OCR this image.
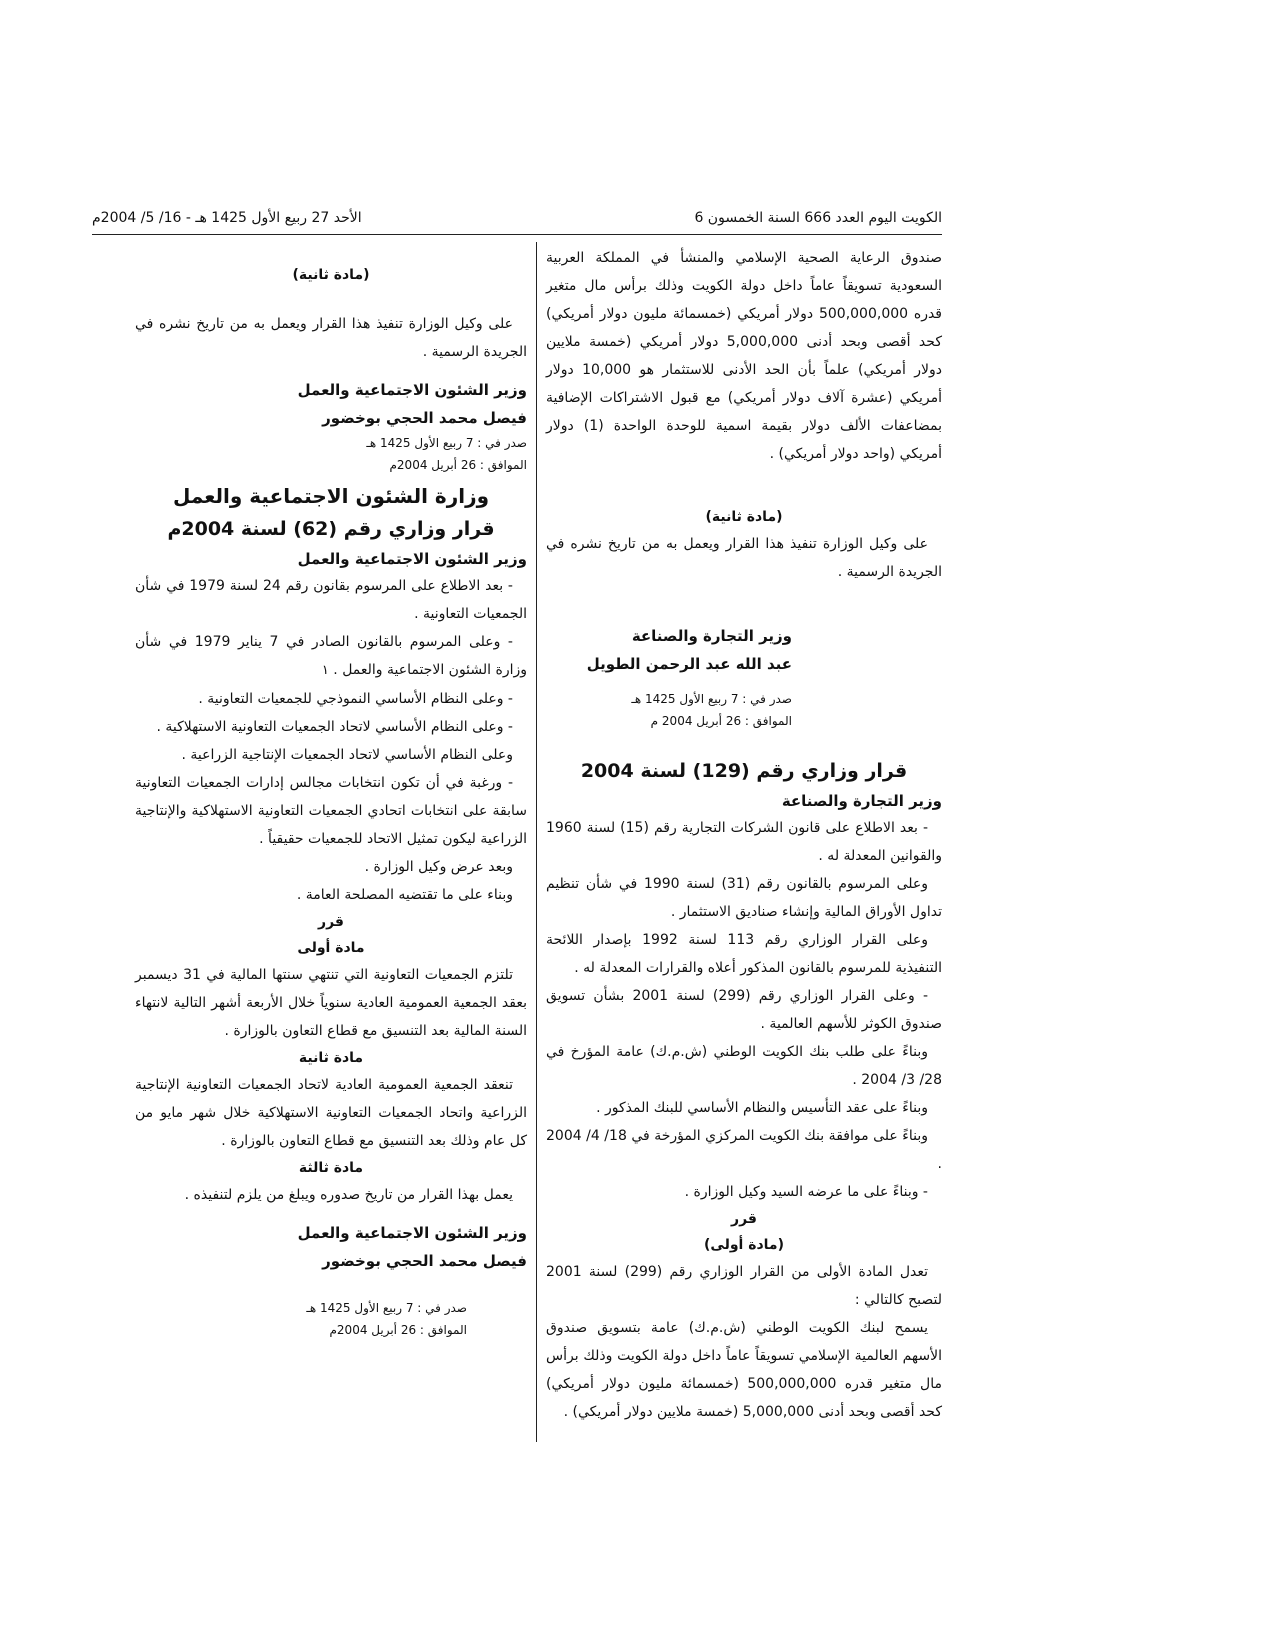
الكويت اليوم العدد 666 السنة الخمسون 6
الأحد 27 ربيع الأول 1425 هـ - 16/ 5/ 2004م

صندوق الرعاية الصحية الإسلامي والمنشأ في المملكة العربية السعودية تسويقاً عاماً داخل دولة الكويت وذلك برأس مال متغير قدره 500,000,000 دولار أمريكي (خمسمائة مليون دولار أمريكي) كحد أقصى وبحد أدنى 5,000,000 دولار أمريكي (خمسة ملايين دولار أمريكي) علماً بأن الحد الأدنى للاستثمار هو 10,000 دولار أمريكي (عشرة آلاف دولار أمريكي) مع قبول الاشتراكات الإضافية بمضاعفات الألف دولار بقيمة اسمية للوحدة الواحدة (1) دولار أمريكي (واحد دولار أمريكي) .

(مادة ثانية)

على وكيل الوزارة تنفيذ هذا القرار ويعمل به من تاريخ نشره في الجريدة الرسمية .

وزير التجارة والصناعة

عبد الله عبد الرحمن الطويل

صدر في : 7 ربيع الأول 1425 هـ

الموافق : 26 أبريل 2004 م

قرار وزاري رقم (129) لسنة 2004

وزير التجارة والصناعة

- بعد الاطلاع على قانون الشركات التجارية رقم (15) لسنة 1960 والقوانين المعدلة له .

وعلى المرسوم بالقانون رقم (31) لسنة 1990 في شأن تنظيم تداول الأوراق المالية وإنشاء صناديق الاستثمار .

وعلى القرار الوزاري رقم 113 لسنة 1992 بإصدار اللائحة التنفيذية للمرسوم بالقانون المذكور أعلاه والقرارات المعدلة له .

- وعلى القرار الوزاري رقم (299) لسنة 2001 بشأن تسويق صندوق الكوثر للأسهم العالمية .

وبناءً على طلب بنك الكويت الوطني (ش.م.ك) عامة المؤرخ في 28/ 3/ 2004 .

وبناءً على عقد التأسيس والنظام الأساسي للبنك المذكور .

وبناءً على موافقة بنك الكويت المركزي المؤرخة في 18/ 4/ 2004 .

- وبناءً على ما عرضه السيد وكيل الوزارة .

قرر

(مادة أولى)

تعدل المادة الأولى من القرار الوزاري رقم (299) لسنة 2001 لتصبح كالتالي :

يسمح لبنك الكويت الوطني (ش.م.ك) عامة بتسويق صندوق الأسهم العالمية الإسلامي تسويقاً عاماً داخل دولة الكويت وذلك برأس مال متغير قدره 500,000,000 (خمسمائة مليون دولار أمريكي) كحد أقصى وبحد أدنى 5,000,000 (خمسة ملايين دولار أمريكي) .

(مادة ثانية)

على وكيل الوزارة تنفيذ هذا القرار ويعمل به من تاريخ نشره في الجريدة الرسمية .

وزير الشئون الاجتماعية والعمل

فيصل محمد الحجي بوخضور

صدر في : 7 ربيع الأول 1425 هـ

الموافق : 26 أبريل 2004م

وزارة الشئون الاجتماعية والعمل

قرار وزاري رقم (62) لسنة 2004م

وزير الشئون الاجتماعية والعمل

- بعد الاطلاع على المرسوم بقانون رقم 24 لسنة 1979 في شأن الجمعيات التعاونية .

- وعلى المرسوم بالقانون الصادر في 7 يناير 1979 في شأن وزارة الشئون الاجتماعية والعمل . ١

- وعلى النظام الأساسي النموذجي للجمعيات التعاونية .

- وعلى النظام الأساسي لاتحاد الجمعيات التعاونية الاستهلاكية .

وعلى النظام الأساسي لاتحاد الجمعيات الإنتاجية الزراعية .

- ورغبة في أن تكون انتخابات مجالس إدارات الجمعيات التعاونية سابقة على انتخابات اتحادي الجمعيات التعاونية الاستهلاكية والإنتاجية الزراعية ليكون تمثيل الاتحاد للجمعيات حقيقياً .

وبعد عرض وكيل الوزارة .

وبناء على ما تقتضيه المصلحة العامة .

قرر

مادة أولى

تلتزم الجمعيات التعاونية التي تنتهي سنتها المالية في 31 ديسمبر بعقد الجمعية العمومية العادية سنوياً خلال الأربعة أشهر التالية لانتهاء السنة المالية بعد التنسيق مع قطاع التعاون بالوزارة .

مادة ثانية

تنعقد الجمعية العمومية العادية لاتحاد الجمعيات التعاونية الإنتاجية الزراعية واتحاد الجمعيات التعاونية الاستهلاكية خلال شهر مايو من كل عام وذلك بعد التنسيق مع قطاع التعاون بالوزارة .

مادة ثالثة

يعمل بهذا القرار من تاريخ صدوره ويبلغ من يلزم لتنفيذه .

وزير الشئون الاجتماعية والعمل

فيصل محمد الحجي بوخضور

صدر في : 7 ربيع الأول 1425 هـ

الموافق : 26 أبريل 2004م
